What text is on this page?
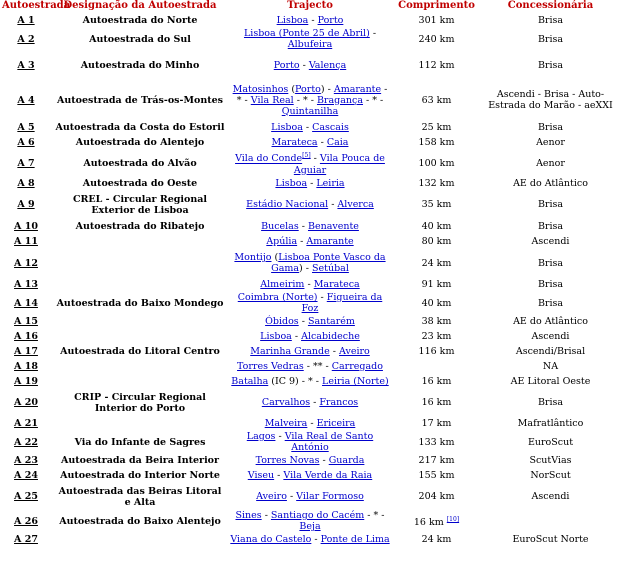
Autoestrada	Designação da Autoestrada	Trajecto	Comprimento	Concessionária
A 1	Autoestrada do Norte	Lisboa - Porto	301 km	Brisa
A 2	Autoestrada do Sul	Lisboa (Ponte 25 de Abril) - Albufeira	240 km	Brisa
A 3	Autoestrada do Minho	Porto - Valença	112 km	Brisa
A 4	Autoestrada de Trás-os-Montes	Matosinhos (Porto) - Amarante - * - Vila Real - * - Bragança - * - Quintanilha	63 km	Ascendi - Brisa - Auto-Estrada do Marão - aeXXI
A 5	Autoestrada da Costa do Estoril	Lisboa - Cascais	25 km	Brisa
A 6	Autoestrada do Alentejo	Marateca - Caia	158 km	Aenor
A 7	Autoestrada do Alvão	Vila do Conde[5] - Vila Pouca de Aguiar	100 km	Aenor
A 8	Autoestrada do Oeste	Lisboa - Leiria	132 km	AE do Atlântico
A 9	CREL - Circular Regional Exterior de Lisboa	Estádio Nacional - Alverca	35 km	Brisa
A 10	Autoestrada do Ribatejo	Bucelas - Benavente	40 km	Brisa
A 11		Apúlia - Amarante	80 km	Ascendi
A 12		Montijo (Lisboa Ponte Vasco da Gama) - Setúbal	24 km	Brisa
A 13		Almeirim - Marateca	91 km	Brisa
A 14	Autoestrada do Baixo Mondego	Coimbra (Norte) - Figueira da Foz	40 km	Brisa
A 15		Óbidos - Santarém	38 km	AE do Atlântico
A 16		Lisboa - Alcabideche	23 km	Ascendi
A 17	Autoestrada do Litoral Centro	Marinha Grande - Aveiro	116 km	Ascendi/Brisal
A 18		Torres Vedras - ** - Carregado		NA
A 19		Batalha (IC 9) - * - Leiria (Norte)	16 km	AE Litoral Oeste
A 20	CRIP - Circular Regional Interior do Porto	Carvalhos - Francos	16 km	Brisa
A 21		Malveira - Ericeira	17 km	Mafratlântico
A 22	Via do Infante de Sagres	Lagos - Vila Real de Santo António	133 km	EuroScut
A 23	Autoestrada da Beira Interior	Torres Novas - Guarda	217 km	ScutVias
A 24	Autoestrada do Interior Norte	Viseu - Vila Verde da Raia	155 km	NorScut
A 25	Autoestrada das Beiras Litoral e Alta	Aveiro - Vilar Formoso	204 km	Ascendi
A 26	Autoestrada do Baixo Alentejo	Sines - Santiago do Cacém - * - Beja	16 km [10]	
A 27		Viana do Castelo - Ponte de Lima	24 km	EuroScut Norte
